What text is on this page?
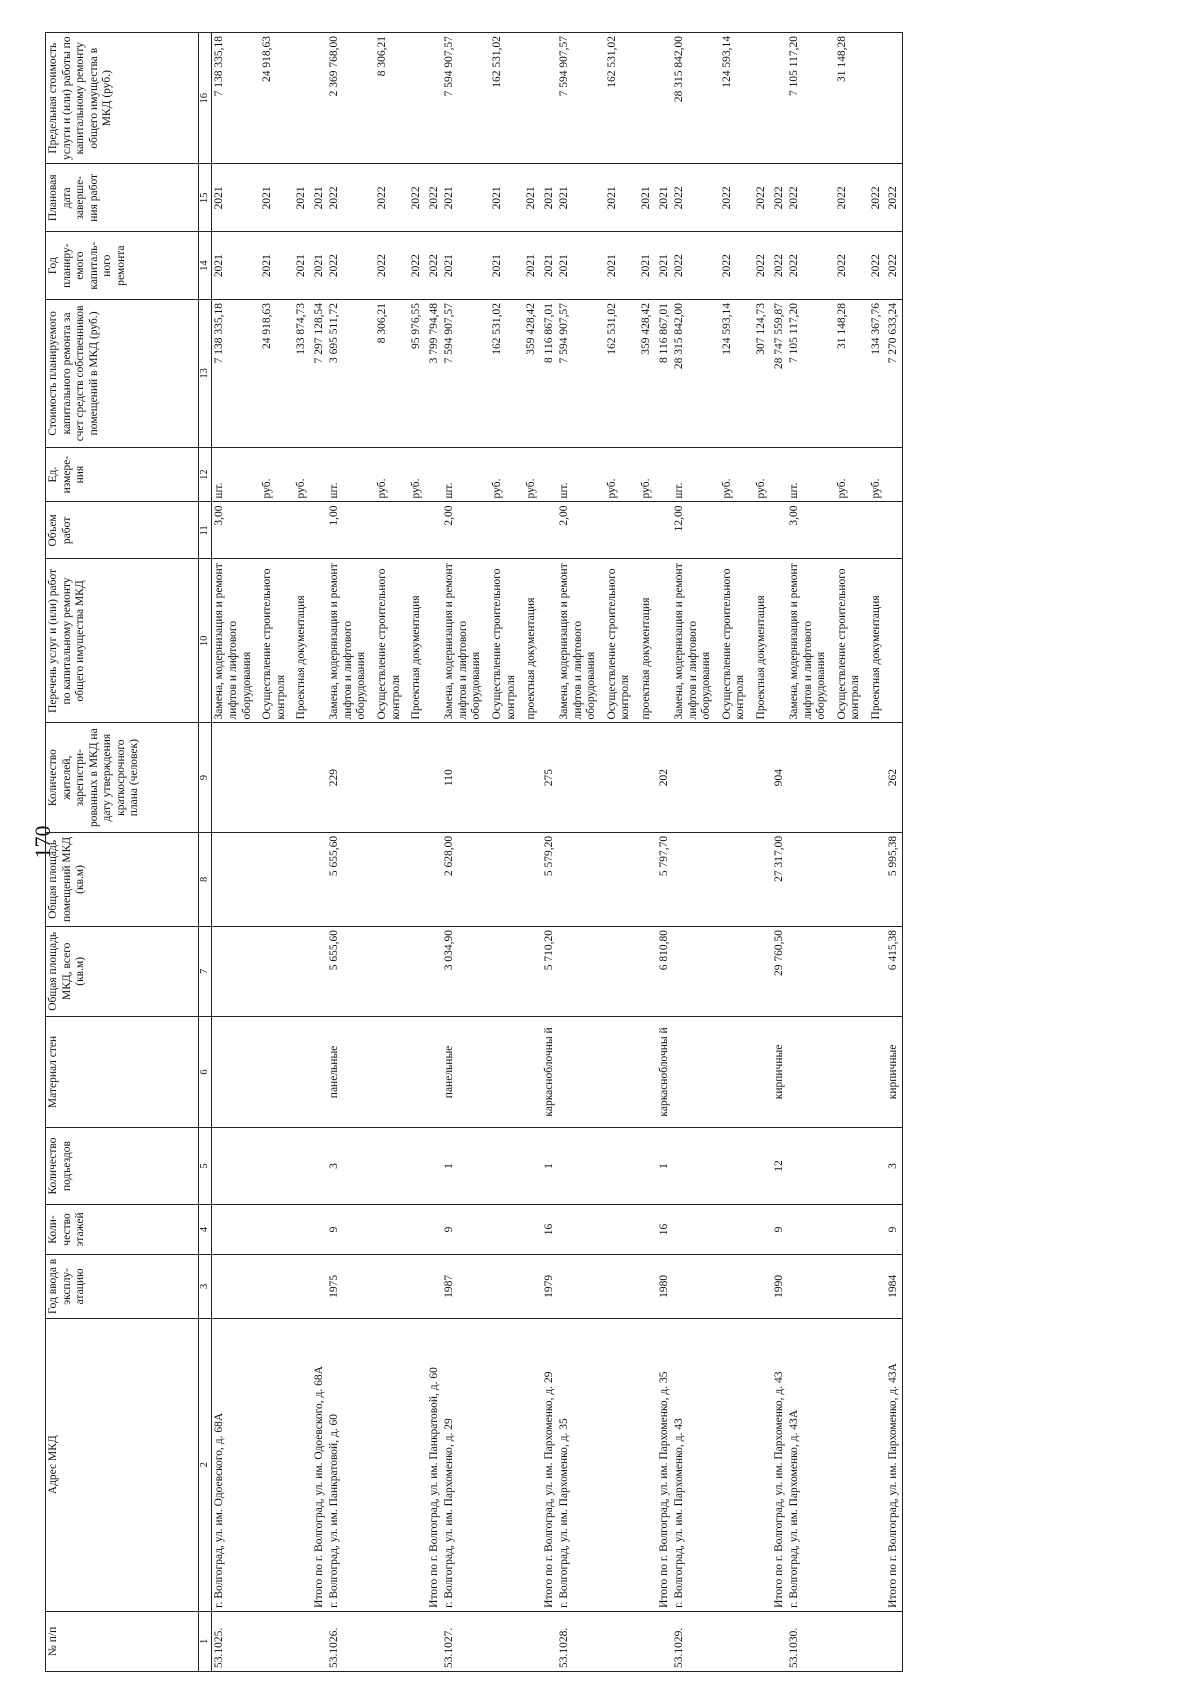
170
№ п/п	Адрес МКД	Год ввода в эксплу-атацию	Коли-чество этажей	Количество подъездов	Материал стен	Общая площадь МКД, всего (кв.м)	Общая площадь помещений МКД (кв.м)	Количество жителей, зарегистри-рованных в МКД на дату утверждения краткосрочного плана (человек)	Перечень услуг и (или) работ по капитальному ремонту общего имущества МКД	Объем работ	Ед. измере-ния	Стоимость планируемого капитального ремонта за счет средств собственников помещений в МКД (руб.)	Год планиру-емого капиталь-ного ремонта	Плановая дата заверше-ния работ	Предельная стоимость услуги и (или) работы по капитальному ремонту общего имущества в МКД (руб.)
1	2	3	4	5	6	7	8	9	10	11	12	13	14	15	16
53.1025.	г. Волгоград, ул. им. Одоевского, д. 68А								Замена, модернизация и ремонт лифтов и лифтового оборудования	3,00	шт.	7 138 335,18	2021	2021	7 138 335,18
									Осуществление строительного контроля		руб.	24 918,63	2021	2021	24 918,63
									Проектная документация		руб.	133 874,73	2021	2021	
	Итого по г. Волгоград, ул. им. Одоевского, д. 68А											7 297 128,54	2021	2021	
53.1026.	г. Волгоград, ул. им. Панкратовой, д. 60	1975	9	3	панельные	5 655,60	5 655,60	229	Замена, модернизация и ремонт лифтов и лифтового оборудования	1,00	шт.	3 695 511,72	2022	2022	2 369 768,00
									Осуществление строительного контроля		руб.	8 306,21	2022	2022	8 306,21
									Проектная документация		руб.	95 976,55	2022	2022	
	Итого по г. Волгоград, ул. им. Панкратовой, д. 60											3 799 794,48	2022	2022	
53.1027.	г. Волгоград, ул. им. Пархоменко, д. 29	1987	9	1	панельные	3 034,90	2 628,00	110	Замена, модернизация и ремонт лифтов и лифтового оборудования	2,00	шт.	7 594 907,57	2021	2021	7 594 907,57
									Осуществление строительного контроля		руб.	162 531,02	2021	2021	162 531,02
									проектная документация		руб.	359 428,42	2021	2021	
	Итого по г. Волгоград, ул. им. Пархоменко, д. 29	1979	16	1	каркаснoблочны й	5 710,20	5 579,20	275				8 116 867,01	2021	2021	
53.1028.	г. Волгоград, ул. им. Пархоменко, д. 35								Замена, модернизация и ремонт лифтов и лифтового оборудования	2,00	шт.	7 594 907,57	2021	2021	7 594 907,57
									Осуществление строительного контроля		руб.	162 531,02	2021	2021	162 531,02
									проектная документация		руб.	359 428,42	2021	2021	
	Итого по г. Волгоград, ул. им. Пархоменко, д. 35	1980	16	1	каркаснoблочны й	6 810,80	5 797,70	202				8 116 867,01	2021	2021	
53.1029.	г. Волгоград, ул. им. Пархоменко, д. 43								Замена, модернизация и ремонт лифтов и лифтового оборудования	12,00	шт.	28 315 842,00	2022	2022	28 315 842,00
									Осуществление строительного контроля		руб.	124 593,14	2022	2022	124 593,14
									Проектная документация		руб.	307 124,73	2022	2022	
	Итого по г. Волгоград, ул. им. Пархоменко, д. 43	1990	9	12	кирпичные	29 760,50	27 317,00	904				28 747 559,87	2022	2022	
53.1030.	г. Волгоград, ул. им. Пархоменко, д. 43А								Замена, модернизация и ремонт лифтов и лифтового оборудования	3,00	шт.	7 105 117,20	2022	2022	7 105 117,20
									Осуществление строительного контроля		руб.	31 148,28	2022	2022	31 148,28
									Проектная документация		руб.	134 367,76	2022	2022	
	Итого по г. Волгоград, ул. им. Пархоменко, д. 43А	1984	9	3	кирпичные	6 415,38	5 995,38	262				7 270 633,24	2022	2022	
